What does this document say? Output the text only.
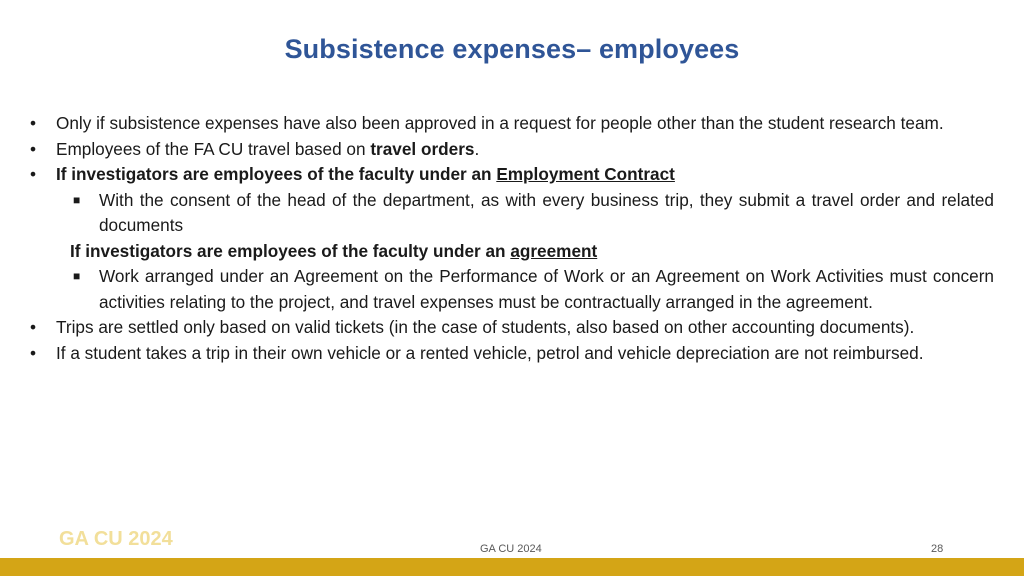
Subsistence expenses– employees
• Only if subsistence expenses have also been approved in a request for people other than the student research team.
• Employees of the FA CU travel based on travel orders.
• If investigators are employees of the faculty under an Employment Contract
■ With the consent of the head of the department, as with every business trip, they submit a travel order and related documents
If investigators are employees of the faculty under an agreement
■ Work arranged under an Agreement on the Performance of Work or an Agreement on Work Activities must concern activities relating to the project, and travel expenses must be contractually arranged in the agreement.
• Trips are settled only based on valid tickets (in the case of students, also based on other accounting documents).
• If a student takes a trip in their own vehicle or a rented vehicle, petrol and vehicle depreciation are not reimbursed.
GA CU 2024	GA CU 2024	28
